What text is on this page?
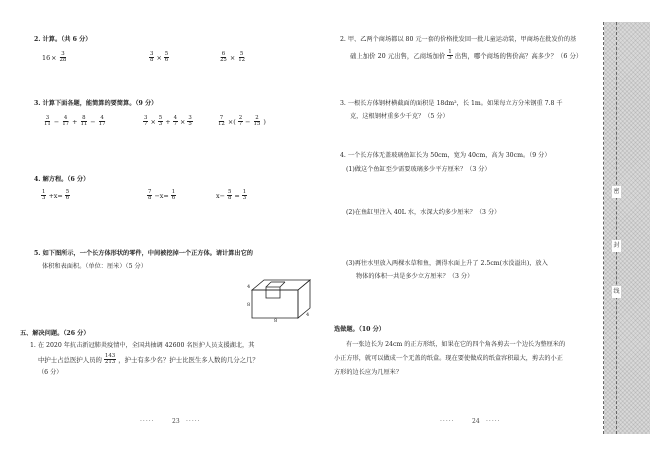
2. 计算。（共 6 分）
$16 \times \frac{3}{28}$	$\frac{3}{8} \times \frac{5}{6}$	$\frac{6}{25} \times \frac{5}{12}$
3. 计算下面各题，能简算的要简算。（9 分）
$\frac{3}{11} - \frac{4}{17} + \frac{8}{11} - \frac{4}{17}$	$\frac{3}{7} \times \frac{5}{3} + \frac{4}{7} \times \frac{3}{5}$	$\frac{7}{12}$ ×( $\frac{2}{7} - \frac{2}{15}$ )
4. 解方程。（6 分）
$\frac{1}{3} +x= \frac{5}{6}$	$\frac{7}{8} -x= \frac{1}{6}$	$x- \frac{5}{8} = \frac{1}{3}$
5. 如下图所示，一个长方体形状的零件，中间被挖掉一个正方体。请计算出它的
体积和表面积。（单位：厘米）（5 分）
4
8
8
4
五、解决问题。（26 分）
1. 在 2020 年抗击新冠肺炎疫情中，全国共抽调 42600 名医护人员支援湖北，其
中护士占总医护人员的 $\frac{143}{213}$ ，护士有多少名？护士比医生多人数的几分之几？
（6 分）
·····	23 ·····
2. 甲、乙两个商场都以 80 元一套的价格批发回一批儿童运动装，甲商场在批发价的基
础上加价 20 元出售，乙商场加价 $\frac{1}{3}$ 出售，哪个商场的售价高？高多少？（6 分）
3. 一根长方体钢材横截面的面积是 18dm²，长 1m。如果每立方分米钢重 7.8 千
克，这根钢材重多少千克？（5 分）
4. 一个长方体无盖玻璃鱼缸长为 50cm，宽为 40cm，高为 30cm。（9 分）
(1)做这个鱼缸至少需要玻璃多少平方厘米？（3 分）
(2)在鱼缸里注入 40L 水，水深大约多少厘米？（3 分）
(3)再往水里放入两棵水草和鱼，测得水面上升了 2.5cm(水没溢出)，放入
物体的体积一共是多少立方厘米？（3 分）
选做题。（10 分）
有一张边长为 24cm 的正方形纸，如果在它的四个角各剪去一个边长为整厘米的
小正方形，就可以做成一个无盖的纸盒。现在要使做成的纸盒容积最大，剪去的小正
方形的边长应为几厘米？
·····	24 ·····
密
封
线
